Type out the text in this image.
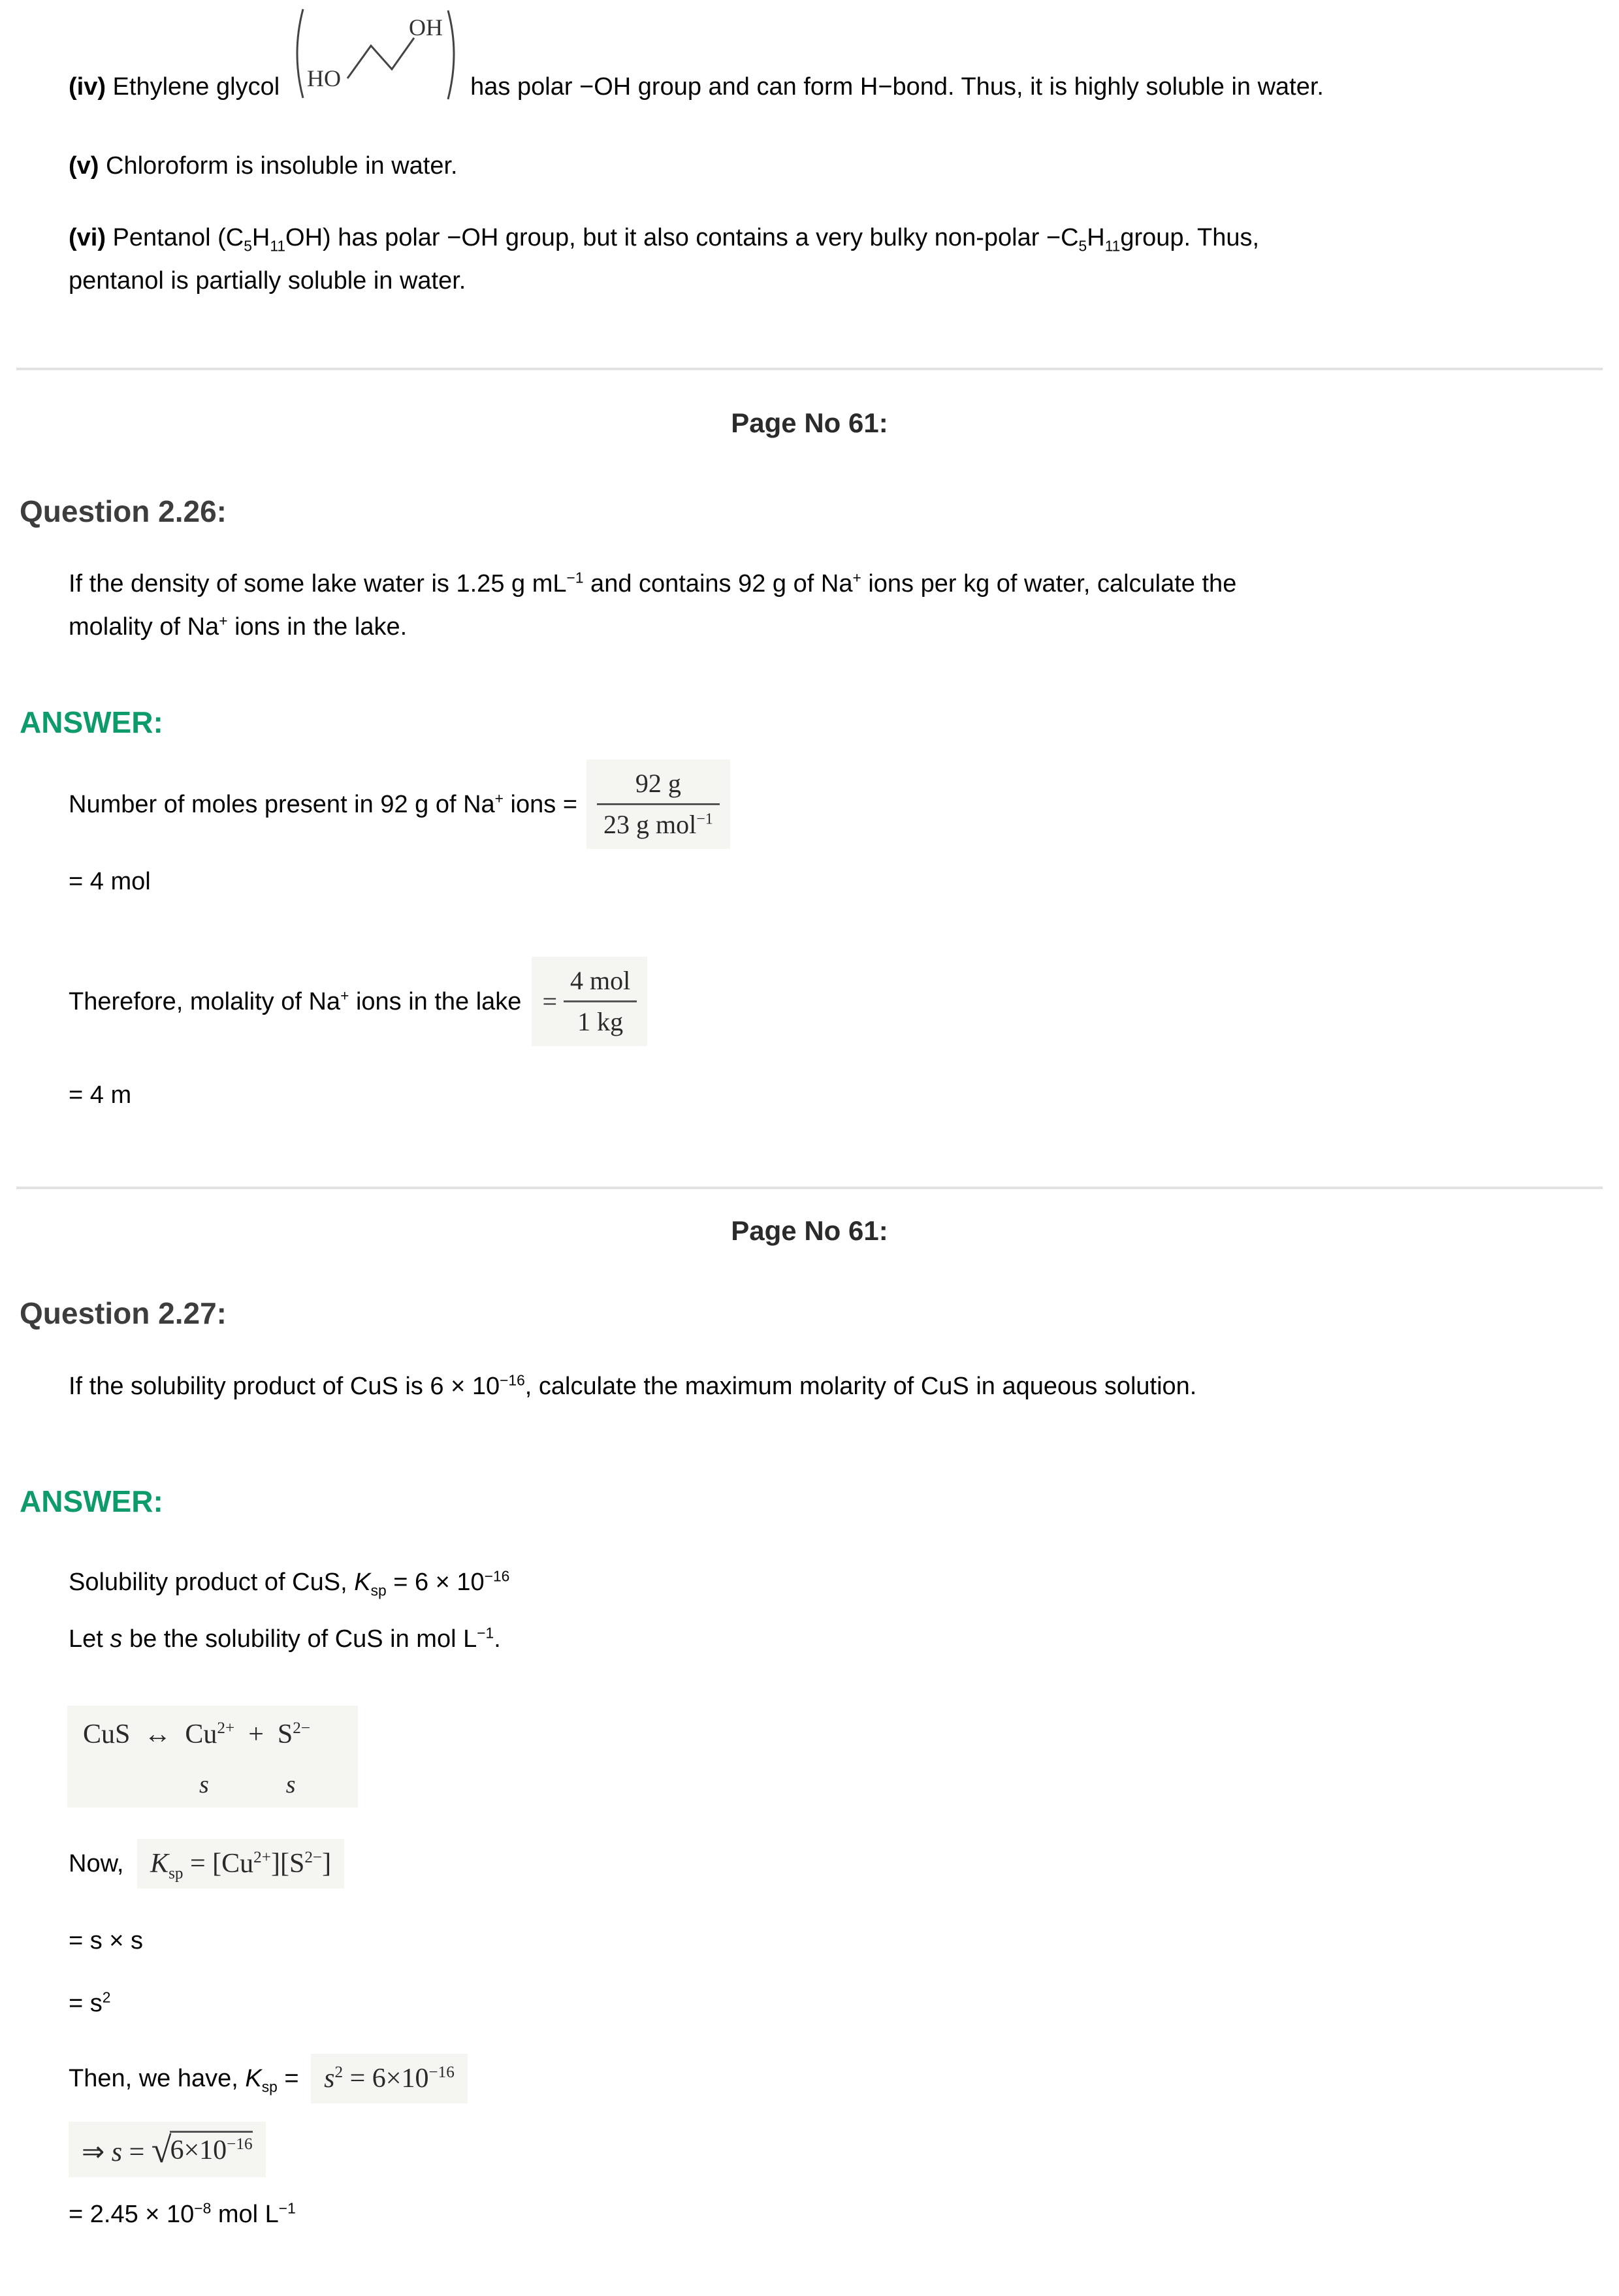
(iv) Ethylene glycol HO
OH
has polar −OH group and can form H−bond. Thus, it is highly soluble in water.
(v) Chloroform is insoluble in water.
(vi) Pentanol $(C_5H_{11}OH)$ has polar −OH group, but it also contains a very bulky non-polar $-C_5H_{11}group$. Thus,
pentanol is partially soluble in water.
Page No 61:
Question 2.26:
If the density of some lake water is 1.25 g $mL^{-1}$ and contains 92 g of Na+ ions per kg of water, calculate the
molality of Na+ ions in the lake.
ANSWER:
Number of moles present in 92 g of Na+ ions = $\frac{92 g}{23 g mol^{-1}}$
= 4 mol
Therefore, molality of Na+ ions in the lake = $\frac{\text{4 mol}}{1 kg}$
= 4 m
Page No 61:
Question 2.27:
If the solubility product of CuS is $6 \times 10^{-16}$, calculate the maximum molarity of CuS in aqueous solution.
ANSWER:
Solubility product of CuS, $K_{sp} = 6 \times 10^{-16}$
Let s be the solubility of CuS in mol $L^{-1}$.
CuS  ↔  $Cu^{2+} + S^{2-}$
s	s
Now, $K_{sp} = [Cu^{2+}][S^{2-}]$
= s × s
= $s^2$
Then, we have, $K_{sp} = s^2 = 6\times 10^{-16}$
⇒ s = √
$6\times 10^{-16}$
= $2.45 \times 10^{-8}$ mol $L^{-1}$
